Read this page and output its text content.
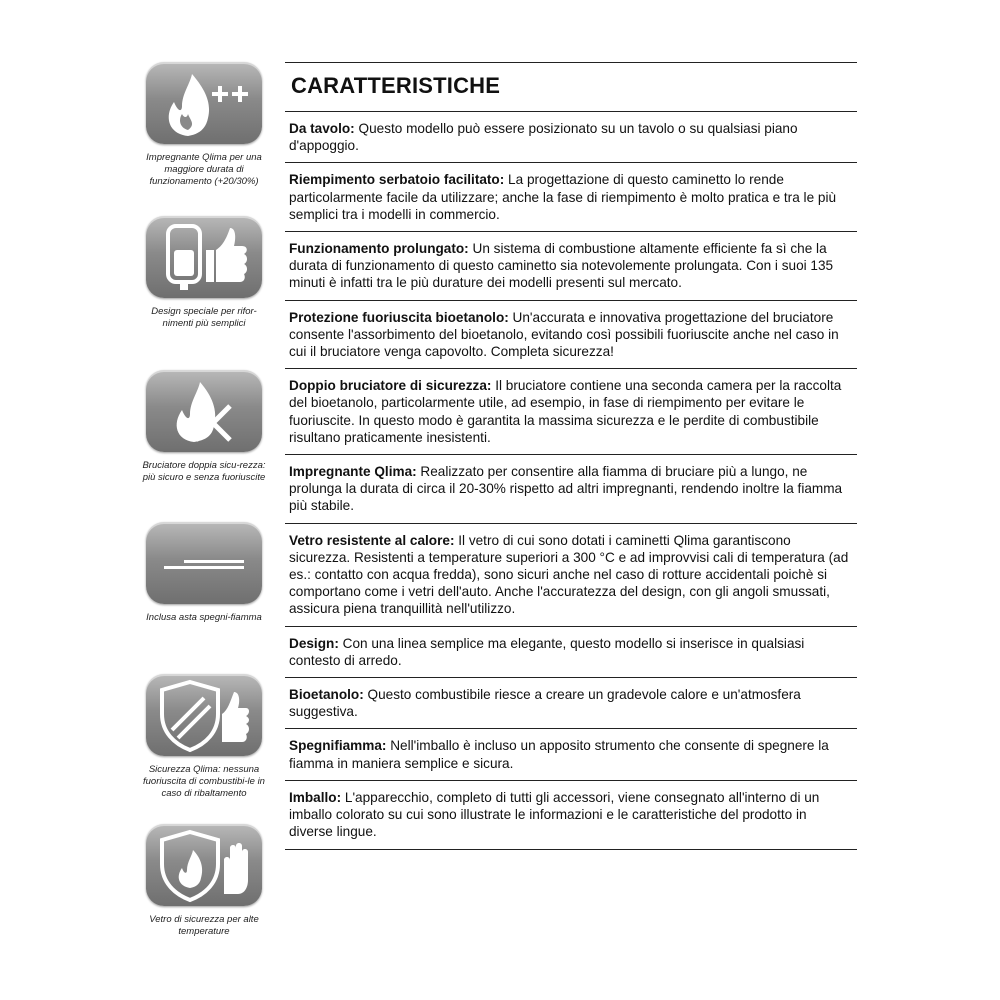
Impregnante Qlima per una maggiore durata di funzionamento (+20/30%)
Design speciale per rifor-nimenti più semplici
Bruciatore doppia sicu-rezza: più sicuro e senza fuoriuscite
Inclusa asta spegni-fiamma
Sicurezza Qlima: nessuna fuoriuscita di combustibi-le in caso di ribaltamento
Vetro di sicurezza per alte temperature
CARATTERISTICHE
Da tavolo: Questo modello può essere posizionato su un tavolo o su qualsiasi piano d'appoggio.
Riempimento serbatoio facilitato: La progettazione di questo caminetto lo rende particolarmente facile da utilizzare; anche la fase di riempimento è molto pratica e tra le più semplici tra i modelli in commercio.
Funzionamento prolungato: Un sistema di combustione altamente efficiente fa sì che la durata di funzionamento di questo caminetto sia notevolemente prolungata. Con i suoi 135 minuti è infatti tra le più durature dei modelli presenti sul mercato.
Protezione fuoriuscita bioetanolo: Un'accurata e innovativa progettazione del bruciatore consente l'assorbimento del bioetanolo, evitando così possibili fuoriuscite anche nel caso in cui il bruciatore venga capovolto. Completa sicurezza!
Doppio bruciatore di sicurezza: Il bruciatore contiene una seconda camera per la raccolta del bioetanolo, particolarmente utile, ad esempio, in fase di riempimento per evitare le fuoriuscite. In questo modo è garantita la massima sicurezza e le perdite di combustibile risultano praticamente inesistenti.
Impregnante Qlima: Realizzato per consentire alla fiamma di bruciare più a lungo, ne prolunga la durata di circa il 20-30% rispetto ad altri impregnanti, rendendo inoltre la fiamma più stabile.
Vetro resistente al calore: Il vetro di cui sono dotati i caminetti Qlima garantiscono sicurezza. Resistenti a temperature superiori a 300 °C e ad improvvisi cali di temperatura (ad es.: contatto con acqua fredda), sono sicuri anche nel caso di rotture accidentali poichè si comportano come i vetri dell'auto. Anche l'accuratezza del design, con gli angoli smussati, assicura piena tranquillità nell'utilizzo.
Design: Con una linea semplice ma elegante, questo modello si inserisce in qualsiasi contesto di arredo.
Bioetanolo: Questo combustibile riesce a creare un gradevole calore e un'atmosfera suggestiva.
Spegnifiamma: Nell'imballo è incluso un apposito strumento che consente di spegnere la fiamma in maniera semplice e sicura.
Imballo: L'apparecchio, completo di tutti gli accessori, viene consegnato all'interno di un imballo colorato su cui sono illustrate le informazioni e le caratteristiche del prodotto in diverse lingue.
